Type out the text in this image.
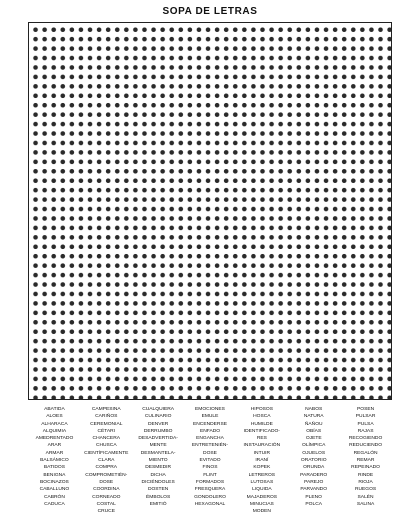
SOPA DE LETRAS
ABATIDA
ALOES
ALHARACA
ALQUIMIA
AMEDRENTADO
ARAR
ARMAR
BALSÁMICO
BATIDOS
BENIGNA
BOCINAZOS
CABALLUNO
CABRÓN
CADUCA
CAMPESINA
CARIÑOS
CEREMONIAL
CÉTARI
CHANCERA
CHUSCA
CIENTÍFICAMENTE
CLARA
COMPRA
COMPROMETIÉN-
DOSE
COORDINA
CORNEADO
COSTAL
CRUCE
CUALQUIERA
CULINARIO
DENVER
DERRUMBO
DESADVERTIDA-
MENTE
DESMANTELA-
MIENTO
DESMEDIR
DICHA
DICIÉNDOLES
DOSTEN
ÉMBOLOS
EMITIÓ
EMOCIONES
EMULE
ENCENDERSE
ENFADO
ENGANCHA
ENTRETENIÉN-
DOSE
EVITADO
FINOS
FLINT
FORMADOS
FRESQUERA
GONDOLERO
HEXAGONAL
HIPOSOS
HOSCA
HUMILDE
IDENTIFICADO-
RES
INSTAURACIÓN
INTUIR
IRANÍ
KOPEK
LETREROS
LUTOSAS
LIQUIDA
MAJADEROS
MINUCIAS
MODEN
NABOS
NATURA
ÑAÑOU
OBÍAS
OJETE
OLÍMPICA
OJUELOS
ORATORIO
ORUNDA
PARADERO
PAREJO
PARVANDO
PLENO
POLCA
POSEN
PULSAR
PULSA
RAJAS
RECOGIENDO
REDUCIENDO
REGALÓN
REMAR
REPEINADO
RINDE
RIOJA
RUEGOS
SALÉN
SALINA
